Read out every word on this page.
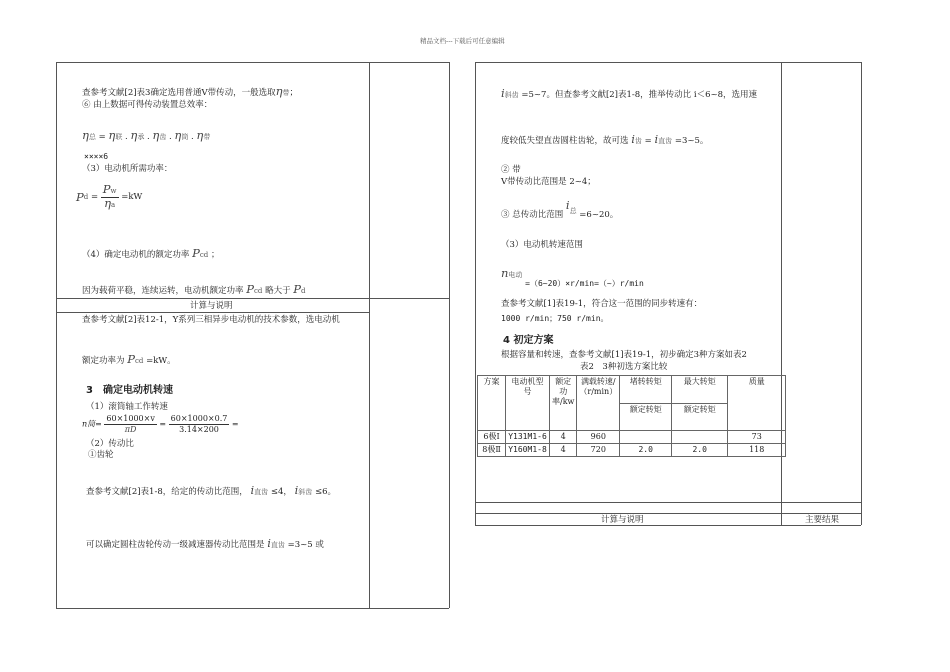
精品文档---下载后可任意编辑
查参考文献[2]表3确定选用普通V带传动，一般选取η带；
⑥ 由上数据可得传动装置总效率：
η总 = η联 . η承 . η齿 . η筒 . η带
××××6
（3）电动机所需功率：
$Pd = \frac{Pw}{\eta a} =kW$
（4）确定电动机的额定功率 Pcd ；
因为载荷平稳，连续运转，电动机额定功率 Pcd 略大于 Pd
计算与说明
查参考文献[2]表12-1，Y系列三相异步电动机的技术参数，选电动机
额定功率为 Pcd =kW。
3　确定电动机转速
（1）滚筒轴工作转速
n筒= $\frac{60\times 1000\times v}{\pi D} = \frac{60\times 1000\times 0.7}{3.14\times 200}$ =
（2）传动比
①齿轮
查参考文献[2]表1-8，给定的传动比范围， i直齿 ≤4， i斜齿 ≤6。
可以确定圆柱齿轮传动一级减速器传动比范围是 i直齿 =3~5 或
i斜齿 =5~7。但查参考文献[2]表1-8，推举传动比 i＜6~8，选用速
度较低失望直齿圆柱齿轮，故可选 i齿 = i直齿 =3~5。
② 带
V带传动比范围是 2~4；
③ 总传动比范围 $i^总$ =6~20。
（3）电动机转速范围
n电动 =（6~20）×r/min=（~）r/min
查参考文献[1]表19-1，符合这一范围的同步转速有：
1000 r/min；750 r/min。
4 初定方案
根据容量和转速，查参考文献[1]表19-1，初步确定3种方案如表2
表2　3种初选方案比较
方案	电动机型号	额定功率/kw	满载转速/（r/min）	堵转转矩	最大转矩	质量
				额定转矩	额定转矩	
6极Ⅰ	Y131M1-6	4	960			73
8极Ⅱ	Y160M1-8	4	720	2.0	2.0	118

计算与说明	主要结果
